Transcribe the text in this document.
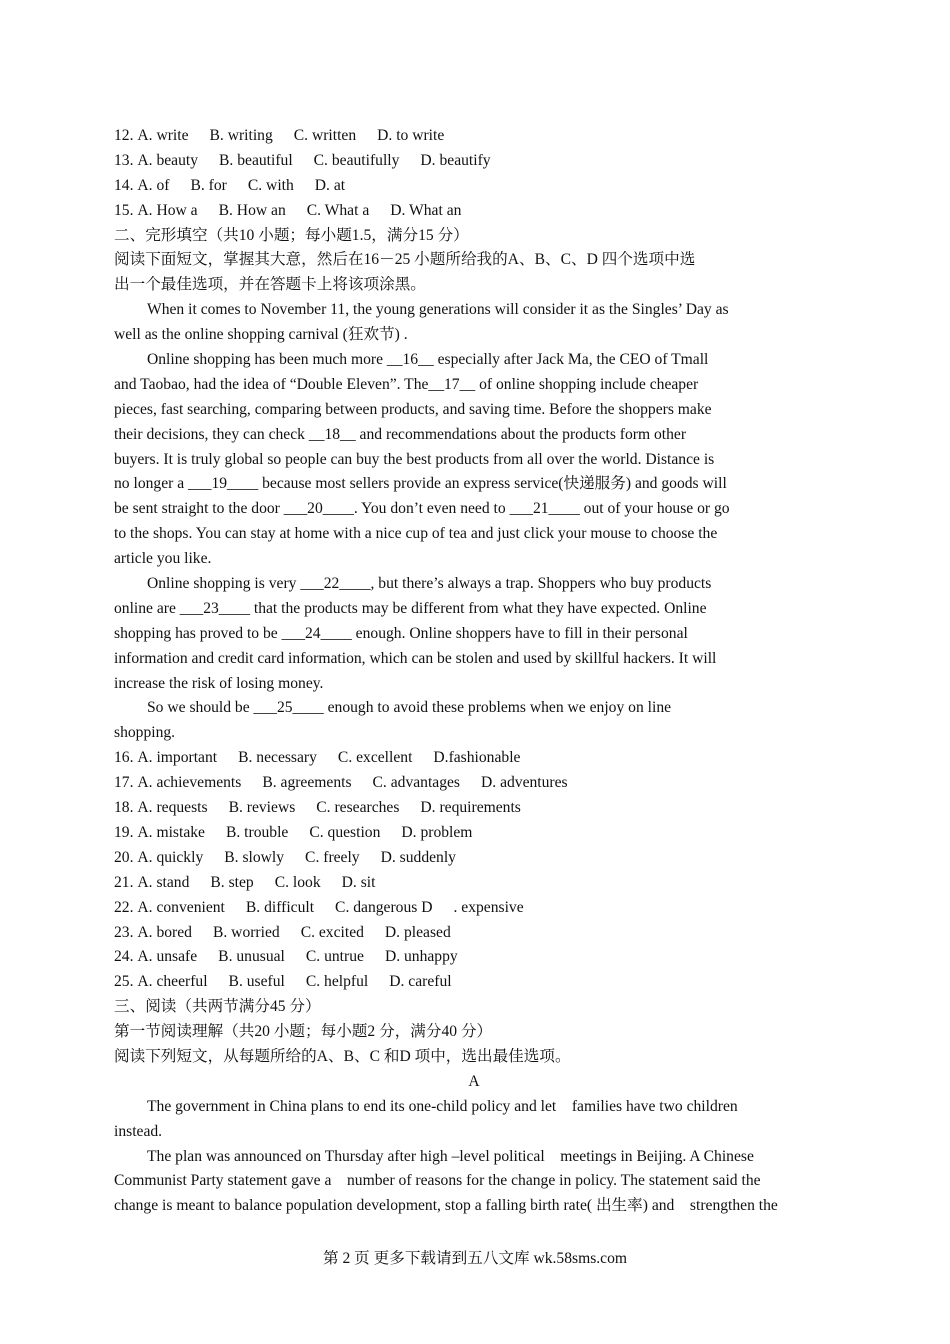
12. A. write B. writing C. written D. to write
13. A. beauty B. beautiful C. beautifully D. beautify
14. A. of B. for C. with D. at
15. A. How a B. How an C. What a D. What an
二、完形填空（共10 小题；每小题1.5，满分15 分）
阅读下面短文，掌握其大意，然后在16－25 小题所给我的A、B、C、D 四个选项中选
出一个最佳选项，并在答题卡上将该项涂黑。
When it comes to November 11, the young generations will consider it as the Singles’ Day as
well as the online shopping carnival (狂欢节) .
Online shopping has been much more __16__ especially after Jack Ma, the CEO of Tmall
and Taobao, had the idea of “Double Eleven”. The__17__ of online shopping include cheaper
pieces, fast searching, comparing between products, and saving time. Before the shoppers make
their decisions, they can check __18__ and recommendations about the products form other
buyers. It is truly global so people can buy the best products from all over the world. Distance is
no longer a ___19____ because most sellers provide an express service(快递服务) and goods will
be sent straight to the door ___20____. You don’t even need to ___21____ out of your house or go
to the shops. You can stay at home with a nice cup of tea and just click your mouse to choose the
article you like.
Online shopping is very ___22____, but there’s always a trap. Shoppers who buy products
online are ___23____ that the products may be different from what they have expected. Online
shopping has proved to be ___24____ enough. Online shoppers have to fill in their personal
information and credit card information, which can be stolen and used by skillful hackers. It will
increase the risk of losing money.
So we should be ___25____ enough to avoid these problems when we enjoy on line
shopping.
16. A. important B. necessary C. excellent D.fashionable
17. A. achievements B. agreements C. advantages D. adventures
18. A. requests B. reviews C. researches D. requirements
19. A. mistake B. trouble C. question D. problem
20. A. quickly B. slowly C. freely D. suddenly
21. A. stand B. step C. look D. sit
22. A. convenient B. difficult C. dangerous D . expensive
23. A. bored B. worried C. excited D. pleased
24. A. unsafe B. unusual C. untrue D. unhappy
25. A. cheerful B. useful C. helpful D. careful
三、阅读（共两节满分45 分）
第一节阅读理解（共20 小题；每小题2 分，满分40 分）
阅读下列短文，从每题所给的A、B、C 和D 项中，选出最佳选项。
A
The government in China plans to end its one-child policy and let    families have two children
instead.
The plan was announced on Thursday after high –level political    meetings in Beijing. A Chinese
Communist Party statement gave a    number of reasons for the change in policy. The statement said the
change is meant to balance population development, stop a falling birth rate( 出生率) and    strengthen the
第 2 页 更多下载请到五八文库 wk.58sms.com
